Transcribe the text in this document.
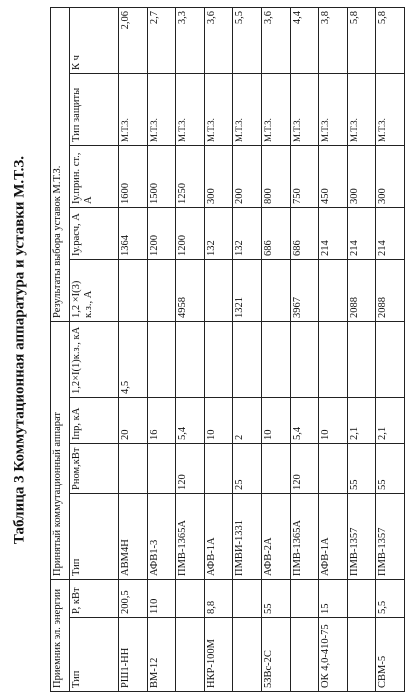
Таблица 3 Коммутационная аппаратура и уставки М.Т.З.
Приемник эл. энергии		Принятый коммутационный аппарат				Результаты выбора уставок М.Т.З.				
Тип	P, кВт	Тип	Pном,кВт	Iпр, кА	1,2×I(1)к.з., кА	1,2 ×I(3) к.з., А	Iу.расч, А	Iу.прин. ст., А	Тип защиты	К ч
РШ1-НН	200,5	АВМ4Н		20	4,5		1364	1600	М.Т.З.	2,06
ВМ-12	110	АФВ1-3		16			1200	1500	М.Т.З.	2,7
		ПМВ-1365А	120	5,4		4958	1200	1250	М.Т.З.	3,3
НКР-100М	8,8	АФВ-1А		10			132	300	М.Т.З.	3,6
		ПМВИ-1331	25	2		1321	132	200	М.Т.З.	5,5
5ЗВс-2С	55	АФВ-2А		10			686	800	М.Т.З.	3,6
		ПМВ-1365А	120	5,4		3967	686	750	М.Т.З.	4,4
ОК 4,0-410-75	15	АФВ-1А		10			214	450	М.Т.З.	3,8
		ПМВ-1357	55	2,1		2088	214	300	М.Т.З.	5,8
СВМ-5	5,5	ПМВ-1357	55	2,1		2088	214	300	М.Т.З.	5,8
